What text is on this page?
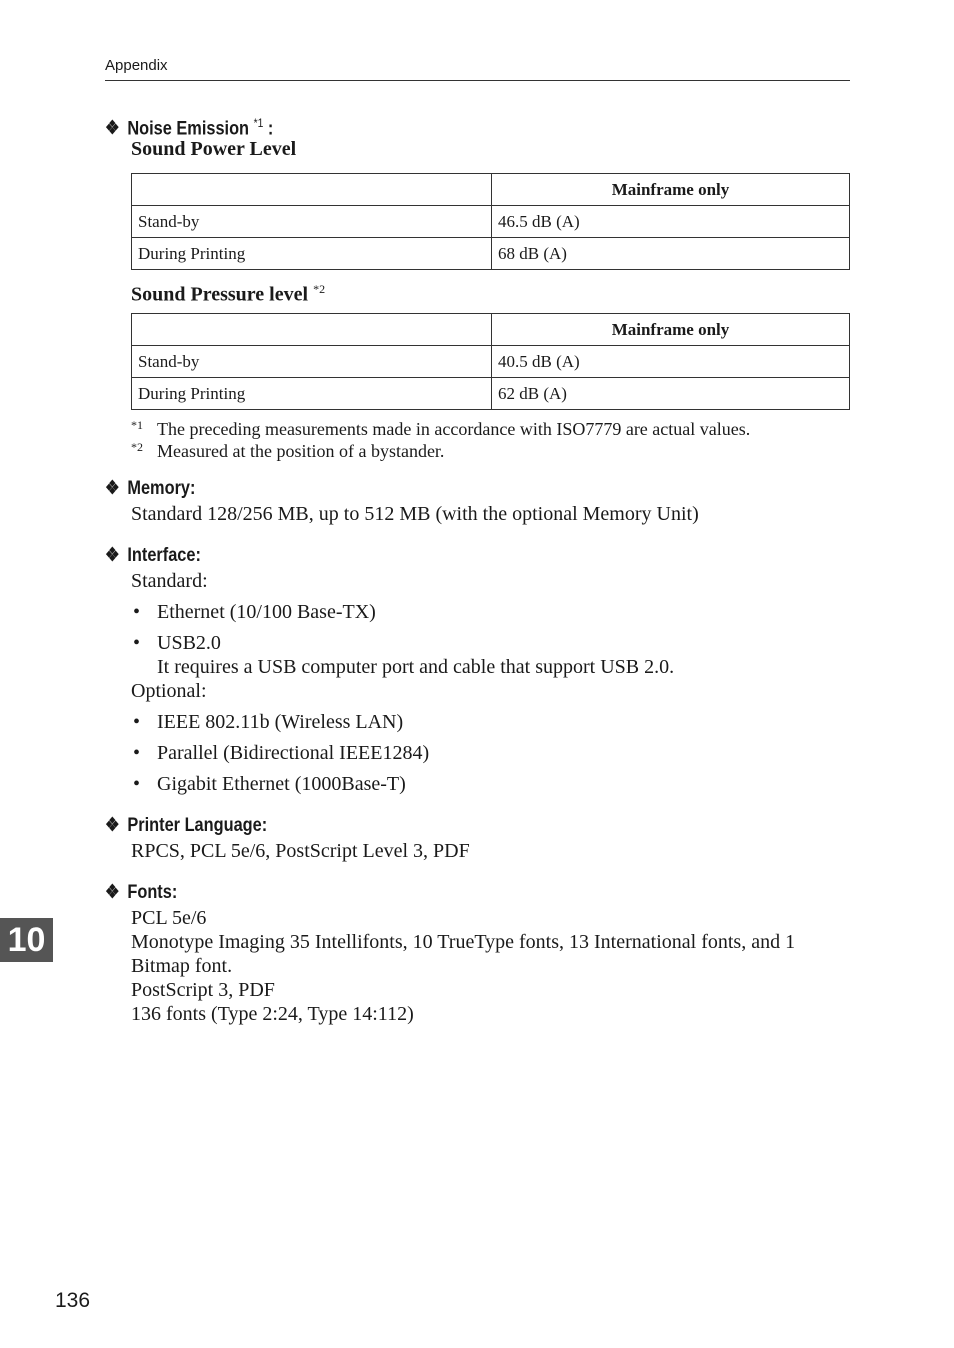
Appendix
❖ Noise Emission $^{*1}$ :
Sound Power Level
	Mainframe only
Stand-by	46.5 dB (A)
During Printing	68 dB (A)
Sound Pressure level $^{*2}$
	Mainframe only
Stand-by	40.5 dB (A)
During Printing	62 dB (A)
*1 The preceding measurements made in accordance with ISO7779 are actual values.
*2 Measured at the position of a bystander.
❖ Memory:
Standard 128/256 MB, up to 512 MB (with the optional Memory Unit)
❖ Interface:
Standard:
• Ethernet (10/100 Base-TX)
• USB2.0
It requires a USB computer port and cable that support USB 2.0.
Optional:
• IEEE 802.11b (Wireless LAN)
• Parallel (Bidirectional IEEE1284)
• Gigabit Ethernet (1000Base-T)
❖ Printer Language:
RPCS, PCL 5e/6, PostScript Level 3, PDF
❖ Fonts:
PCL 5e/6
Monotype Imaging 35 Intellifonts, 10 TrueType fonts, 13 International fonts, and 1 Bitmap font.
PostScript 3, PDF
136 fonts (Type 2:24, Type 14:112)
10
136
